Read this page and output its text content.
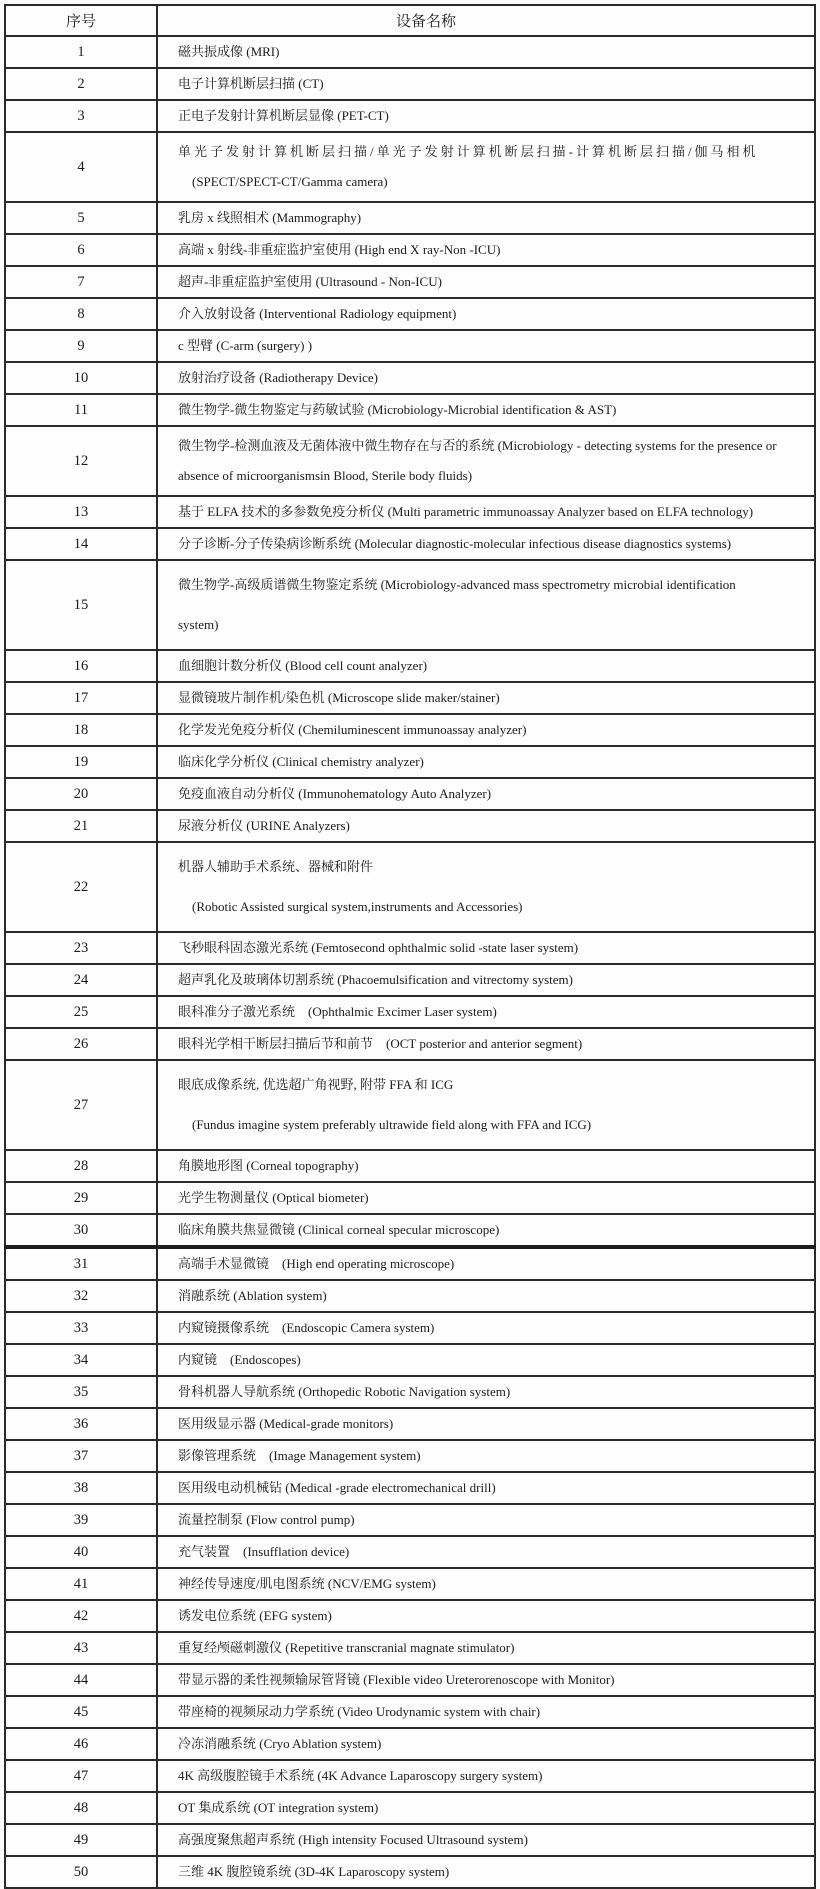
序号	设备名称
1	磁共振成像 (MRI)

2	电子计算机断层扫描 (CT)

3	正电子发射计算机断层显像 (PET-CT)

4	单光子发射计算机断层扫描/单光子发射计算机断层扫描-计算机断层扫描/伽马相机
(SPECT/SPECT-CT/Gamma camera)

5	乳房 x 线照相术 (Mammography)

6	高端 x 射线-非重症监护室使用 (High end X ray-Non -ICU)

7	超声-非重症监护室使用 (Ultrasound - Non-ICU)

8	介入放射设备 (Interventional Radiology equipment)

9	c 型臂 (C-arm (surgery) )

10	放射治疗设备 (Radiotherapy Device)

11	微生物学-微生物鉴定与药敏试验 (Microbiology-Microbial identification & AST)

12	微生物学-检测血液及无菌体液中微生物存在与否的系统 (Microbiology - detecting systems for the presence or
absence of microorganismsin Blood, Sterile body fluids)

13	基于 ELFA 技术的多参数免疫分析仪 (Multi parametric immunoassay Analyzer based on ELFA technology)

14	分子诊断-分子传染病诊断系统 (Molecular diagnostic-molecular infectious disease diagnostics systems)

15	微生物学-高级质谱微生物鉴定系统 (Microbiology-advanced mass spectrometry microbial identification
system)

16	血细胞计数分析仪 (Blood cell count analyzer)

17	显微镜玻片制作机/染色机 (Microscope slide maker/stainer)

18	化学发光免疫分析仪 (Chemiluminescent immunoassay analyzer)

19	临床化学分析仪 (Clinical chemistry analyzer)

20	免疫血液自动分析仪 (Immunohematology Auto Analyzer)

21	尿液分析仪 (URINE Analyzers)

22	机器人辅助手术系统、器械和附件
(Robotic Assisted surgical system,instruments and Accessories)

23	飞秒眼科固态激光系统 (Femtosecond ophthalmic solid -state laser system)

24	超声乳化及玻璃体切割系统 (Phacoemulsification and vitrectomy system)

25	眼科准分子激光系统　(Ophthalmic Excimer Laser system)

26	眼科光学相干断层扫描后节和前节　(OCT posterior and anterior segment)

27	眼底成像系统, 优选超广角视野, 附带 FFA 和 ICG
(Fundus imagine system preferably ultrawide field along with FFA and ICG)

28	角膜地形图 (Corneal topography)

29	光学生物测量仪 (Optical biometer)

30	临床角膜共焦显微镜 (Clinical corneal specular microscope)

31	高端手术显微镜　(High end operating microscope)

32	消融系统 (Ablation system)

33	内窥镜摄像系统　(Endoscopic Camera system)

34	内窥镜　(Endoscopes)

35	骨科机器人导航系统 (Orthopedic Robotic Navigation system)

36	医用级显示器 (Medical-grade monitors)

37	影像管理系统　(Image Management system)

38	医用级电动机械钻 (Medical -grade electromechanical drill)

39	流量控制泵 (Flow control pump)

40	充气装置　(Insufflation device)

41	神经传导速度/肌电图系统 (NCV/EMG system)

42	诱发电位系统 (EFG system)

43	重复经颅磁刺激仪 (Repetitive transcranial magnate stimulator)

44	带显示器的柔性视频输尿管肾镜 (Flexible video Ureterorenoscope with Monitor)

45	带座椅的视频尿动力学系统 (Video Urodynamic system with chair)

46	冷冻消融系统 (Cryo Ablation system)

47	4K 高级腹腔镜手术系统 (4K Advance Laparoscopy surgery system)

48	OT 集成系统 (OT integration system)

49	高强度聚焦超声系统 (High intensity Focused Ultrasound system)

50	三维 4K 腹腔镜系统 (3D-4K Laparoscopy system)
